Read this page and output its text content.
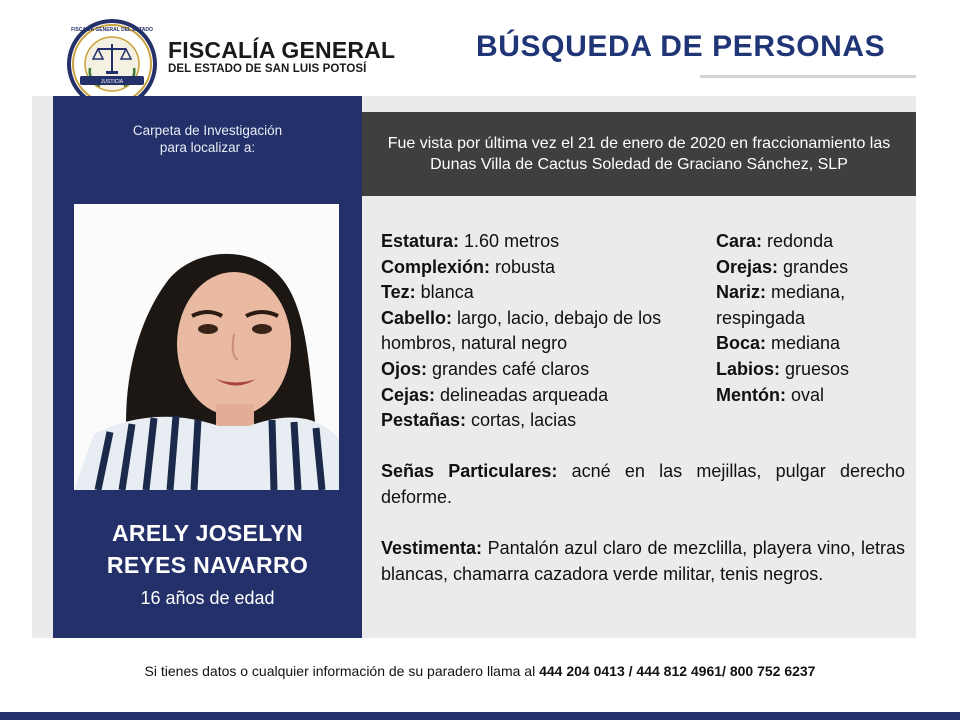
JUSTICIA
FISCALÍA GENERAL DEL ESTADO
FISCALÍA GENERAL
DEL ESTADO DE SAN LUIS POTOSÍ
BÚSQUEDA DE PERSONAS
Carpeta de Investigación
para localizar a:
ARELY JOSELYN
REYES NAVARRO
16 años de edad
Fue vista por última vez el 21 de enero de 2020 en fraccionamiento las Dunas Villa de Cactus Soledad de Graciano Sánchez, SLP
Estatura: 1.60 metros
Complexión: robusta
Tez: blanca
Cabello: largo, lacio, debajo de los hombros, natural negro
Ojos: grandes café claros
Cejas: delineadas arqueada
Pestañas: cortas, lacias
Cara: redonda
Orejas: grandes
Nariz: mediana, respingada
Boca: mediana
Labios: gruesos
Mentón: oval
Señas Particulares: acné en las mejillas, pulgar derecho deforme.
Vestimenta: Pantalón azul claro de mezclilla, playera vino, letras blancas, chamarra cazadora verde militar, tenis negros.
Si tienes datos o cualquier información de su paradero llama al 444 204 0413 / 444 812 4961/ 800 752 6237
